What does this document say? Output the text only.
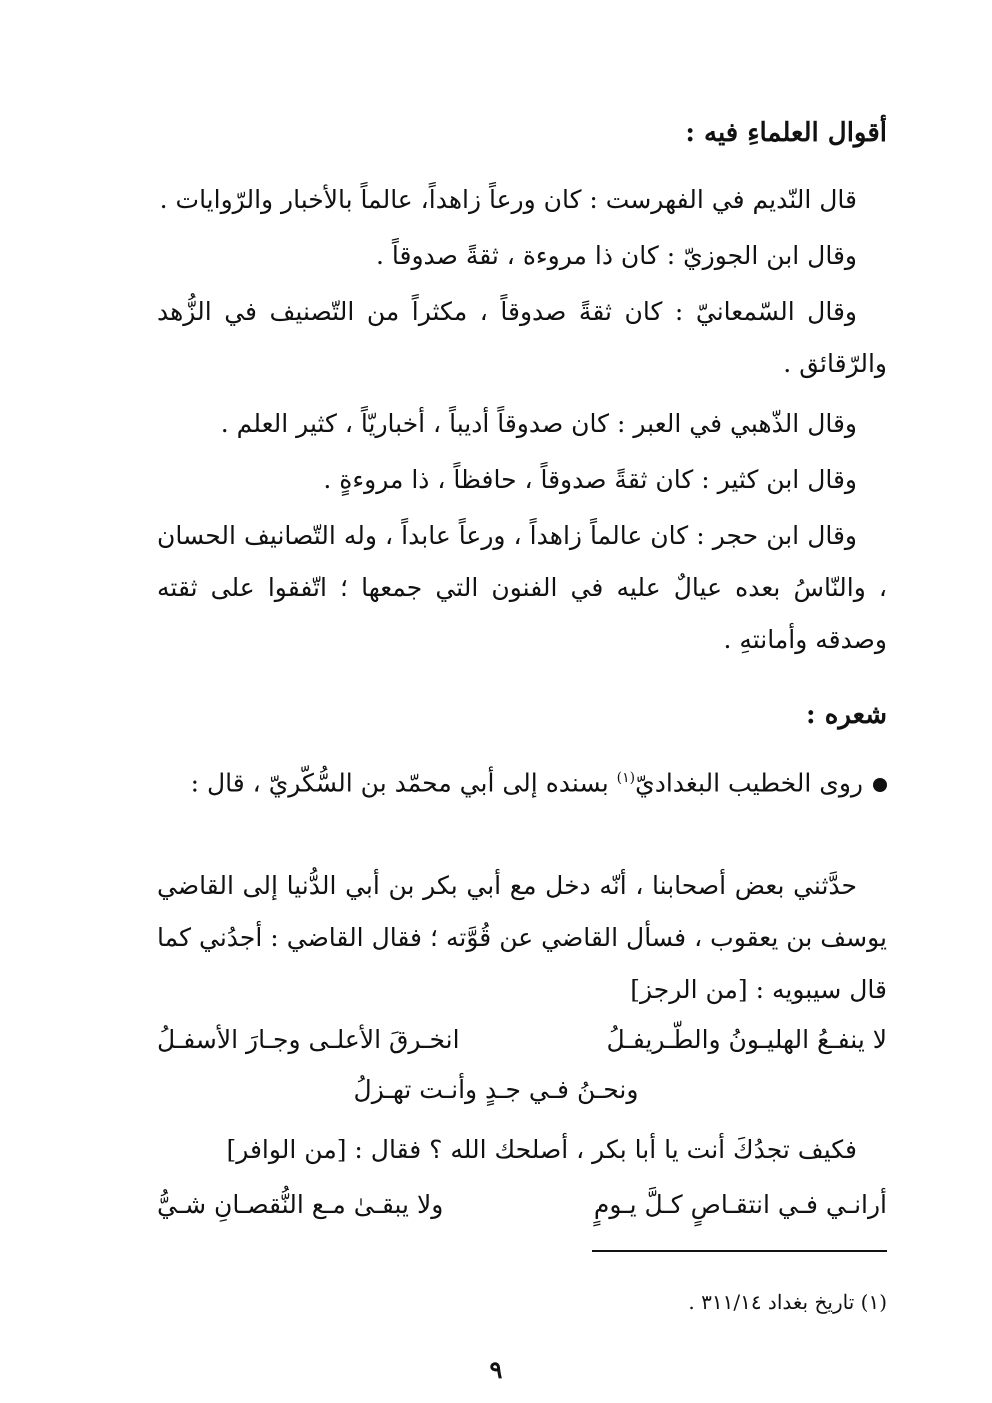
أقوال العلماءِ فيه :
قال النّديم في الفهرست : كان ورعاً زاهداً، عالماً بالأخبار والرّوايات .
وقال ابن الجوزيّ : كان ذا مروءة ، ثقةً صدوقاً .
وقال السّمعانيّ : كان ثقةً صدوقاً ، مكثراً من التّصنيف في الزُّهد والرّقائق .
وقال الذّهبي في العبر : كان صدوقاً أديباً ، أخباريّاً ، كثير العلم .
وقال ابن كثير : كان ثقةً صدوقاً ، حافظاً ، ذا مروءةٍ .
وقال ابن حجر : كان عالماً زاهداً ، ورعاً عابداً ، وله التّصانيف الحسان ، والنّاسُ بعده عيالٌ عليه في الفنون التي جمعها ؛ اتّفقوا على ثقته وصدقه وأمانتهِ .
شعره :
روى الخطيب البغداديّ$^{(١)}$ بسنده إلى أبي محمّد بن السُّكّريّ ، قال :
حدَّثني بعض أصحابنا ، أنّه دخل مع أبي بكر بن أبي الدُّنيا إلى القاضي يوسف بن يعقوب ، فسأل القاضي عن قُوَّته ؛ فقال القاضي : أجدُني كما قال سيبويه : [من الرجز]
لا ينفـعُ الهليـونُ والطّـريفـلُ
انخـرقَ الأعلـى وجـارَ الأسفـلُ
ونحـنُ فـي جـدٍ وأنـت تهـزلُ
فكيف تجدُكَ أنت يا أبا بكر ، أصلحك الله ؟ فقال : [من الوافر]
أرانـي فـي انتقـاصٍ كـلَّ يـومٍ
ولا يبقـىٰ مـع النُّقصـانِ شـيُّ
(١) تاريخ بغداد ٣١١/١٤ .
٩
